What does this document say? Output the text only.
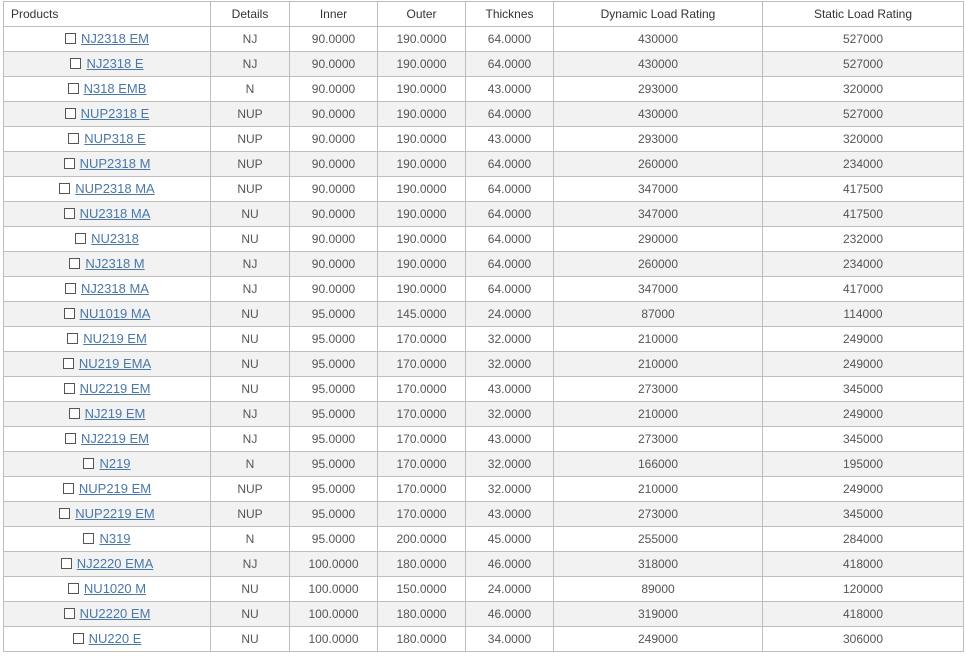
Products	Details	Inner	Outer	Thicknes	Dynamic Load Rating	Static Load Rating
NJ2318 EM	NJ	90.0000	190.0000	64.0000	430000	527000
NJ2318 E	NJ	90.0000	190.0000	64.0000	430000	527000
N318 EMB	N	90.0000	190.0000	43.0000	293000	320000
NUP2318 E	NUP	90.0000	190.0000	64.0000	430000	527000
NUP318 E	NUP	90.0000	190.0000	43.0000	293000	320000
NUP2318 M	NUP	90.0000	190.0000	64.0000	260000	234000
NUP2318 MA	NUP	90.0000	190.0000	64.0000	347000	417500
NU2318 MA	NU	90.0000	190.0000	64.0000	347000	417500
NU2318	NU	90.0000	190.0000	64.0000	290000	232000
NJ2318 M	NJ	90.0000	190.0000	64.0000	260000	234000
NJ2318 MA	NJ	90.0000	190.0000	64.0000	347000	417000
NU1019 MA	NU	95.0000	145.0000	24.0000	87000	114000
NU219 EM	NU	95.0000	170.0000	32.0000	210000	249000
NU219 EMA	NU	95.0000	170.0000	32.0000	210000	249000
NU2219 EM	NU	95.0000	170.0000	43.0000	273000	345000
NJ219 EM	NJ	95.0000	170.0000	32.0000	210000	249000
NJ2219 EM	NJ	95.0000	170.0000	43.0000	273000	345000
N219	N	95.0000	170.0000	32.0000	166000	195000
NUP219 EM	NUP	95.0000	170.0000	32.0000	210000	249000
NUP2219 EM	NUP	95.0000	170.0000	43.0000	273000	345000
N319	N	95.0000	200.0000	45.0000	255000	284000
NJ2220 EMA	NJ	100.0000	180.0000	46.0000	318000	418000
NU1020 M	NU	100.0000	150.0000	24.0000	89000	120000
NU2220 EM	NU	100.0000	180.0000	46.0000	319000	418000
NU220 E	NU	100.0000	180.0000	34.0000	249000	306000
